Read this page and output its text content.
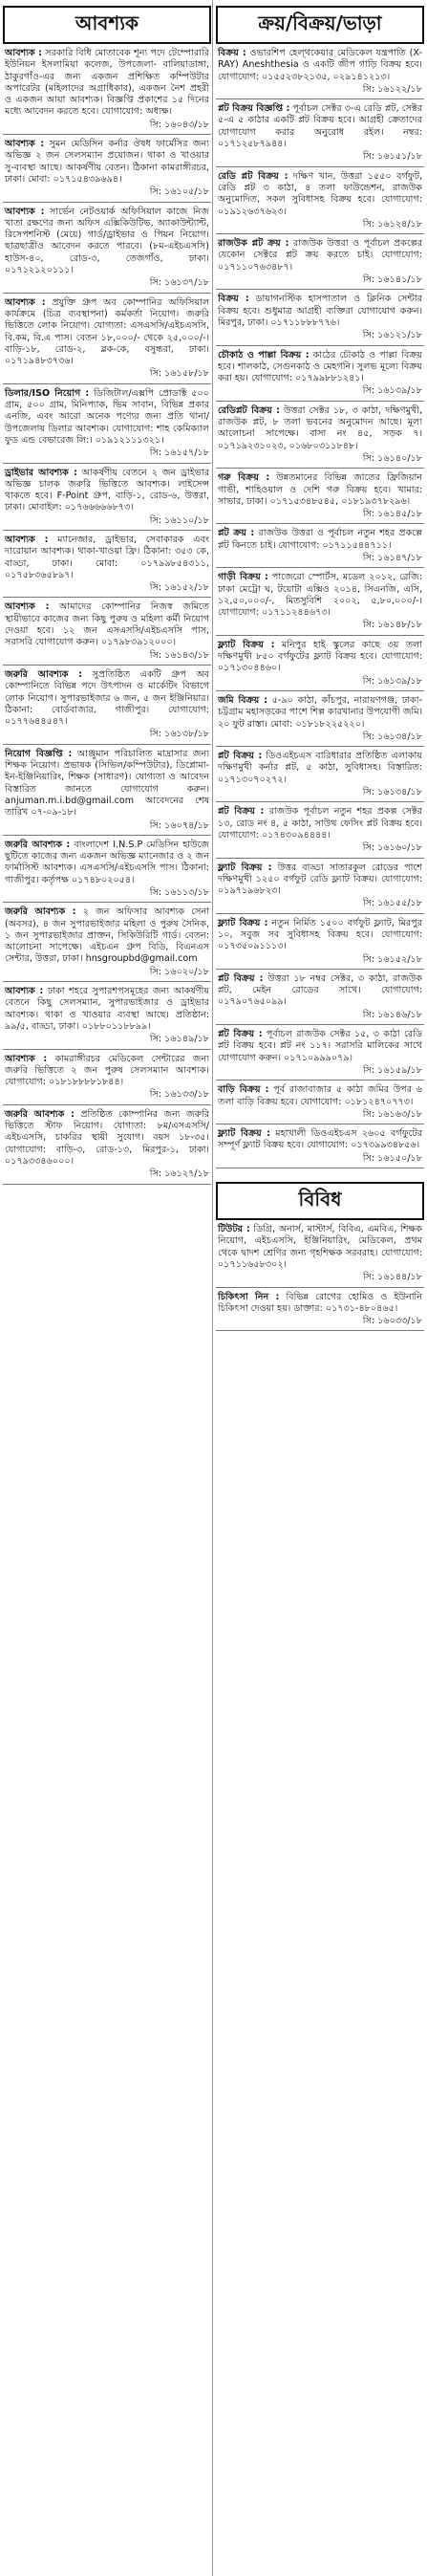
আবশ্যক
আবশ্যক : সরকারি বিধি মোতাবেক শূন্য পদে টেম্পোরারি ইউনিয়ন ইসলামিয়া কলেজ, উপজেলা- বালিয়াডাঙ্গা, ঠাকুরগাঁও-এর জন্য একজন প্রশিক্ষিত কম্পিউটার অপারেটর (মহিলাদের অগ্রাধিকার), একজন নৈশ প্রহরী ও একজন আয়া আবশ্যক। বিজ্ঞপ্তি প্রকাশের ১৫ দিনের মধ্যে আবেদন করতে হবে। যোগাযোগ: অধ্যক্ষ।
সি: ১৬০৪৩/১৮
আবশ্যক : সুমন মেডিসিন কর্নার ঔষধ ফার্মেসির জন্য অভিজ্ঞ ২ জন সেলসম্যান প্রয়োজন। থাকা ও খাওয়ার সু-ব্যবস্থা আছে। আকর্ষণীয় বেতন। ঠিকানা কামরাঙ্গীরচর, ঢাকা। মোবা: ০১৭১৫৪৩৯৬৯৪।
সি: ১৬১০৫/১৮
আবশ্যক : সার্ভেন নেটওয়ার্ক অফিসিয়াল কাজে নিজ খাতা রক্ষণের জন্য অফিস এক্সিকিউটিভ, অ্যাকাউন্ট্যান্ট, রিসেপশনিস্ট (মেয়ে) গার্ড/ড্রাইভার ও পিয়ন নিয়োগ। ছাত্রছাত্রীও আবেদন করতে পারবে। (৮ম-এইচএসসি) হাউস-৪০, রোড-৩, তেজগাঁও, ঢাকা। ০১৭১২১২০১১১।
সি: ১৬১৩৭/১৮
আবশ্যক : প্রযুক্তি গ্রুপ অব কোম্পানির অফিসিয়াল কার্যক্রমে (চিত্র ব্যবস্থাপনা) কর্মকর্তা নিয়োগ। জরুরি ভিত্তিতে লোক নিয়োগ। যোগ্যতা: এসএসসি/এইচএসসি, বি.কম, বি.এ পাস। বেতন ১৮,০০০/- থেকে ২৫,০০০/-। বাড়ি-১৮, রোড-২, ব্লক-কে, বসুন্ধরা, ঢাকা। ০১৭১৯৪৮৩৭৩৬।
সি: ১৬১৫৮/১৮
ডিলার/ISO নিয়োগ : ডিজিটাল/এক্সপি প্রোডাক্ট ৫০০ গ্রাম, ৫০০ গ্রাম, মিনিপ্যাক, ভিম সাবান, বিভিন্ন প্রকার এনজি, এবং আরো অনেক পণ্যের জন্য প্রতি থানা/উপজেলায় ডিলার আবশ্যক। যোগাযোগ: শাহ কেমিক্যাল ফুড এন্ড বেভারেজ লি:। ০১৯১২১১১৩২১।
সি: ১৬১৫৭/১৮
ড্রাইভার আবশ্যক : আকর্ষণীয় বেতনে ২ জন ড্রাইভার অভিজ্ঞ চালক জরুরি ভিত্তিতে আবশ্যক। লাইসেন্স থাকতে হবে। F-Point গ্রুপ, বাড়ি-১, রোড-৬, উত্তরা, ঢাকা। মোবাইল: ০১৭৬৬৬৬৬৮৭৩।
সি: ১৬১১০/১৮
আবশ্যক : ম্যানেজার, ড্রাইভার, সেবাকারক এবং দারোয়ান আবশ্যক। থাকা-খাওয়া ফ্রি। ঠিকানা: ৩৫৩ কে, বাড্ডা, ঢাকা। মোবা: ০১৭৯৯৮৫৪৩১১, ০১৭৫৮৩৬৫৮৯৭।
সি: ১৬১৫২/১৮
আবশ্যক : আমাদের কোম্পানির নিজস্ব জমিতে স্থায়ীভাবে কাজের জন্য কিছু পুরুষ ও মহিলা কর্মী নিয়োগ দেওয়া হবে। ১২ জন এসএসসি/এইচএসসি পাস, সরাসরি যোগাযোগ করুন। ০১৭৯৮৩৯১২০০০।
সি: ১৬১৪৩/১৮
জরুরি আবশ্যক : সুপ্রতিষ্ঠিত একটি গ্রুপ অব কোম্পানিতে বিভিন্ন পদে উৎপাদন ও মার্কেটিং বিভাগে লোক নিয়োগ। সুপারভাইজার ৬ জন, ৫ জন ইঞ্জিনিয়ার। ঠিকানা: বোর্ডবাজার, গাজীপুর। যোগাযোগ: ০১৭৭৬৪৪৫৪৭।
সি: ১৬১৩৮/১৮
নিয়োগ বিজ্ঞপ্তি : আঞ্জুমান পরিচালিত মাদ্রাসার জন্য শিক্ষক নিয়োগ। প্রভাষক (সিভিল/কম্পিউটার), ডিপ্লোমা-ইন-ইঞ্জিনিয়ারিং, শিক্ষক (সাধারণ)। যোগ্যতা ও আবেদন বিস্তারিত জানতে যোগাযোগ করুন। anjuman.m.i.bd@gmail.com আবেদনের শেষ তারিখ ০৭-০৯-১৮।
সি: ১৬০৭৪/১৮
জরুরি আবশ্যক : বাংলাদেশ I.N.S.P মেডিসিন হাউজে ছুটিতে কাজের জন্য একজন অভিজ্ঞ ম্যানেজার ও ২ জন ফার্মাসিস্ট আবশ্যক। এসএসসি/এইচএসসি পাস। ঠিকানা: গাজীপুর। কর্তৃপক্ষ ০১৭৪৮০২০৫৪।
সি: ১৬১১৩/১৮
জরুরি আবশ্যক : ২ জন অফিসার আবশ্যক সেনা (অবসর), ৪ জন সুপারভাইজার মহিলা ও পুরুষ সৈনিক, ১ জন সুপারভাইজার প্রাক্তন, সিকিউরিটি গার্ড। বেতন: আলোচনা সাপেক্ষে। এইচএন গ্রুপ বিডি, বিএনএস সেন্টার, উত্তরা, ঢাকা। hnsgroupbd@gmail.com
সি: ১৬০২০/১৮
আবশ্যক : ঢাকা শহরে সুপারশপসমূহের জন্য আকর্ষণীয় বেতনে কিছু সেলসম্যান, সুপারভাইজার ও ড্রাইভার আবশ্যক। থাকা ও খাওয়ার ব্যবস্থা আছে। প্রতিষ্ঠান: ৯৯/৫, বাড্ডা, ঢাকা। ০১৮৮০১১৮৮৯৯।
সি: ১৬১৪৯/১৮
আবশ্যক : কামরাঙ্গীরচর মেডিকেল সেন্টারের জন্য জরুরি ভিত্তিতে ২ জন পুরুষ সেলসম্যান আবশ্যক। যোগাযোগ: ০১৮১৮৮৮৮১৮৪৪।
সি: ১৬১৩৩/১৮
জরুরি আবশ্যক : প্রতিষ্ঠিত কোম্পানির জন্য জরুরি ভিত্তিতে স্টাফ নিয়োগ। যোগ্যতা: ৮ম/এসএসসি/এইচএসসি, চাকরির স্থায়ী সুযোগ। বয়স ১৮-৩৫। যোগাযোগ: বাড়ি-৩, রোড-১৩, মিরপুর-১, ঢাকা। ০১৭৯৩৩৪৬০০০।
সি: ১৬১২৭/১৮
ক্রয়/বিক্রয়/ভাড়া
বিক্রয় : ওভারশিপ হেল্‌থকেয়ার মেডিকেল যন্ত্রপাতি (X-RAY) Aneshthesia ও একটি জীপ গাড়ি বিক্রয় হবে। যোগাযোগ: ০১৫৫২৩৮২১৩৫, ০২৯১৪১২১৩।
সি: ১৬১২২/১৮
প্লট বিক্রয় বিজ্ঞপ্তি : পূর্বাচল সেক্টর ৩-এ রেডি প্লট, সেক্টর ৫-এ ৫ কাঠার একটি প্লট বিক্রয় হবে। আগ্রহী ক্রেতাদের যোগাযোগ করার অনুরোধ রইল। নম্বর: ০১৭১২৫৮৭৯৪৪।
সি: ১৬১৫১/১৮
রেডি প্লট বিক্রয় : দক্ষিণ খান, উত্তরা ১৫৫০ বর্গফুট, রেডি প্লট ৩ কাঠা, ৪ তলা ফাউন্ডেশন, রাজউক অনুমোদিত, সকল সুবিধাসহ বিক্রয় হবে। যোগাযোগ: ০১৯১২৬৩৭৬২৩।
সি: ১৬১২৪/১৮
রাজউক প্লট ক্রয় : রাজউক উত্তরা ও পূর্বাচল প্রকল্পের যেকোন সেক্টরে প্লট ক্রয় করতে চাই। যোগাযোগ: ০১৭১১০৭৬৩৪৮৭।
সি: ১৬১৪১/১৮
বিক্রয় : ডায়াগনস্টিক হাসপাতাল ও ক্লিনিক সেন্টার বিক্রয় হবে। শুধুমাত্র আগ্রহী ব্যক্তিরা যোগাযোগ করুন। মিরপুর, ঢাকা। ০১৭১১৮৮৮৭৭৬।
সি: ১৬১২১/১৮
চৌকাঠ ও পাল্লা বিক্রয় : কাঠের চৌকাঠ ও পাল্লা বিক্রয় হবে। শালকাঠ, সেগুনকাঠ ও মেহগনি। সুলভ মূল্যে বিক্রয় করা হয়। যোগাযোগ: ০১৭৯৯৮৮১২৪১।
সি: ১৬১৩৯/১৮
রেডিপ্লট বিক্রয় : উত্তরা সেক্টর ১৮, ৩ কাঠা, দক্ষিণমুখী, রাজউক প্লট, ৮ তলা ভবনের অনুমোদন আছে। মূল্য আলোচনা সাপেক্ষে। বাসা নং ৪৫, সড়ক ৭। ০১৭১৯২৩১০২৩, ০১৬৮০৩১১৮৪৮।
সি: ১৬১৪০/১৮
গরু বিক্রয় : উন্নতমানের বিভিন্ন জাতের ফ্রিজিয়ান গাভী, শাহিওয়াল ও দেশি গরু বিক্রয় হবে। খামার: সাভার, ঢাকা। ০১৭১৫৩৪৮৫৪৫, ০১৮১৯৩৭৮২৯৬।
সি: ১৬১৪৫/১৮
প্লট ক্রয় : রাজউক উত্তরা ও পূর্বাচল নতুন শহর প্রকল্পে প্লট কিনতে চাই। যোগাযোগ: ০১৭১১৫৪৪৭১১।
সি: ১৬১৪৭/১৮
গাড়ী বিক্রয় : পাজেরো স্পোর্টস, মডেল ২০১২, রেজি: ঢাকা মেট্রো ঘ, টয়োটা এক্সিও ২০১৪, সিএনজি, এসি, ১২,৫০,০০০/-, মিতসুবিশি ২০০২, ৫,৮০,০০০/-। যোগাযোগ: ০১৭১১২৪৪৬৭৩।
সি: ১৬১৪৮/১৮
ফ্ল্যাট বিক্রয় : মনিপুর হাই স্কুলের কাছে ৩য় তলা দক্ষিণমুখী ৮৫০ বর্গফুটের ফ্ল্যাট বিক্রয় হবে। যোগাযোগ: ০১৭১৩০৪৪৬০।
সি: ১৬১৩৯/১৮
জমি বিক্রয় : ৫-৯০ কাঠা, কাঁচপুর, নারায়ণগঞ্জ, ঢাকা-চট্টগ্রাম মহাসড়কের পাশে শিল্প কারখানার উপযোগী জমি। ২০ ফুট রাস্তা। মোবা: ০১৮১৮২২৫২২০।
সি: ১৬১৩৪/১৮
প্লট বিক্রয় : ডিওএইচএস বারিধারার প্রতিষ্ঠিত এলাকায় দক্ষিণমুখী কর্নার প্লট, ৫ কাঠা, সুবিধাসহ। বিস্তারিত: ০১৭১৩০৭০২৭২।
সি: ১৬১৩৪/১৮
প্লট বিক্রয় : রাজউক পূর্বাচল নতুন শহর প্রকল্প সেক্টর ১৩, রোড নং ৪, ৫ কাঠা, সাউথ ফেসিং প্লট বিক্রয় হবে। যোগাযোগ: ০১৭৪৩০৯৪৪৪৪।
সি: ১৬১৬০/১৮
ফ্ল্যাট বিক্রয় : উত্তর বাড্ডা সাতারকুল রোডের পাশে দক্ষিণমুখী ১২৫০ বর্গফুট রেডি ফ্ল্যাট বিক্রয়। যোগাযোগ: ০১৯৭১৯৬৮২৩।
সি: ১৬১৫৫/১৮
ফ্ল্যাট বিক্রয় : নতুন নির্মিত ১৫০০ বর্গফুট ফ্ল্যাট, মিরপুর ১০, সবুজ সব সুবিধাসহ বিক্রয় হবে। যোগাযোগ: ০১৭৩৫০৯১১১৩।
সি: ১৬১৫২/১৮
প্লট বিক্রয় : উত্তরা ১৮ নম্বর সেক্টর, ৩ কাঠা, রাজউক প্লট, মেইন রোডের সাথে। যোগাযোগ: ০১৭৯০৭৬৫০৯৯।
সি: ১৬১৪৬/১৮
প্লট বিক্রয় : পূর্বাচল রাজউক সেক্টর ১৫, ৩ কাঠা রেডি প্লট বিক্রয় হবে। প্লট নং ১১৭। সরাসরি মালিকের সাথে যোগাযোগ করুন। ০১৭১০৯৯৯০৭৯।
সি: ১৬১৫৯/১৮
বাড়ি বিক্রয় : পূর্ব রাজাবাজার ৫ কাঠা জমির উপর ৬ তলা বাড়ি বিক্রয় হবে। যোগাযোগ: ০১৮১২৪৭০৭৭৩।
সি: ১৬১৬৩/১৮
ফ্ল্যাট বিক্রয় : মহাখালী ডিওএইচএস ২৬০৫ বর্গফুটের সম্পূর্ণ ফ্ল্যাট বিক্রয় হবে। যোগাযোগ: ০১৭৩৯৯৩৪৮৫৬।
সি: ১৬১৫০/১৮
বিবিধ
টিউটর : ডিগ্রি, অনার্স, মাস্টার্স, বিবিএ, এমবিএ, শিক্ষক নিয়োগ, এইচএসসি, ইঞ্জিনিয়ারিং, মেডিকেল, প্রথম থেকে দ্বাদশ শ্রেণির জন্য গৃহশিক্ষক সরবরাহ। যোগাযোগ: ০১৭১১৬৫৮৩০২।
সি: ১৬১৪৪/১৮
চিকিৎসা নিন : বিভিন্ন রোগের হোমিও ও ইউনানি চিকিৎসা দেওয়া হয়। ডাক্তার: ০১৭৩১-৪৮০৪৬৫।
সি: ১৬০৩৩/১৮
